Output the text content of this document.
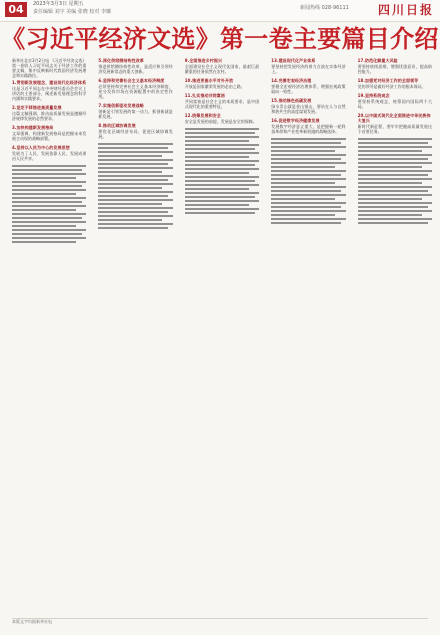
04	2023年3月3日 星期五
责任编辑 刘宇 美编 张晓 校对 李娜
新闻热线 028-96111 四川日报
《习近平经济文选》第一卷主要篇目介绍
新华社北京3月2日电 《习近平经济文选》第一卷收入习近平同志关于经济工作的重要文稿，集中反映新时代我国经济发展理念和实践路径。
1.贯彻新发展理念，建设现代化经济体系
这是习近平同志在中央财经委员会会议上讲话的主要部分，阐述新发展理念的科学内涵和实践要求。
2.坚定不移推进高质量发展
这篇文稿强调，推动高质量发展是遵循经济规律发展的必然要求。
3.加快构建新发展格局
文章强调，构建新发展格局是把握未来发展主动权的战略部署。
4.坚持以人民为中心的发展思想
发展为了人民，发展依靠人民，发展成果由人民共享。
5.深化供给侧结构性改革
推进供给侧结构性改革，是适应和引领经济发展新常态的重大创新。
6.坚持和完善社会主义基本经济制度
必须坚持和完善社会主义基本经济制度，充分发挥市场在资源配置中的决定性作用。
7.实施创新驱动发展战略
创新是引领发展的第一动力，抓创新就是抓发展。
8.推动区域协调发展
要优化区域经济布局，促进区域协调发展。
9.全面推进乡村振兴
全面建设社会主义现代化国家，最艰巨最繁重的任务依然在农村。
10.推进更高水平对外开放
开放是国家繁荣发展的必由之路。
11.扎实推动共同富裕
共同富裕是社会主义的本质要求，是中国式现代化的重要特征。
12.统筹发展和安全
安全是发展的前提，发展是安全的保障。
13.建设现代化产业体系
要坚持把发展经济的着力点放在实体经济上。
14.完善宏观经济治理
要健全宏观经济治理体系，增强宏观政策取向一致性。
15.推动绿色低碳发展
绿水青山就是金山银山，要站在人与自然和谐共生的高度谋划发展。
16.促进数字经济健康发展
发展数字经济意义重大，是把握新一轮科技革命和产业变革新机遇的战略选择。
17.防范化解重大风险
要坚持底线思维，增强忧患意识，提高防控能力。
18.加强党对经济工作的全面领导
党的领导是做好经济工作的根本保证。
19.坚持系统观念
要坚持系统观念，统筹国内国际两个大局。
20.以中国式现代化全面推进中华民族伟大复兴
新时代新征程，要牢牢把握高质量发展这个首要任务。
本版文字均据新华社电
